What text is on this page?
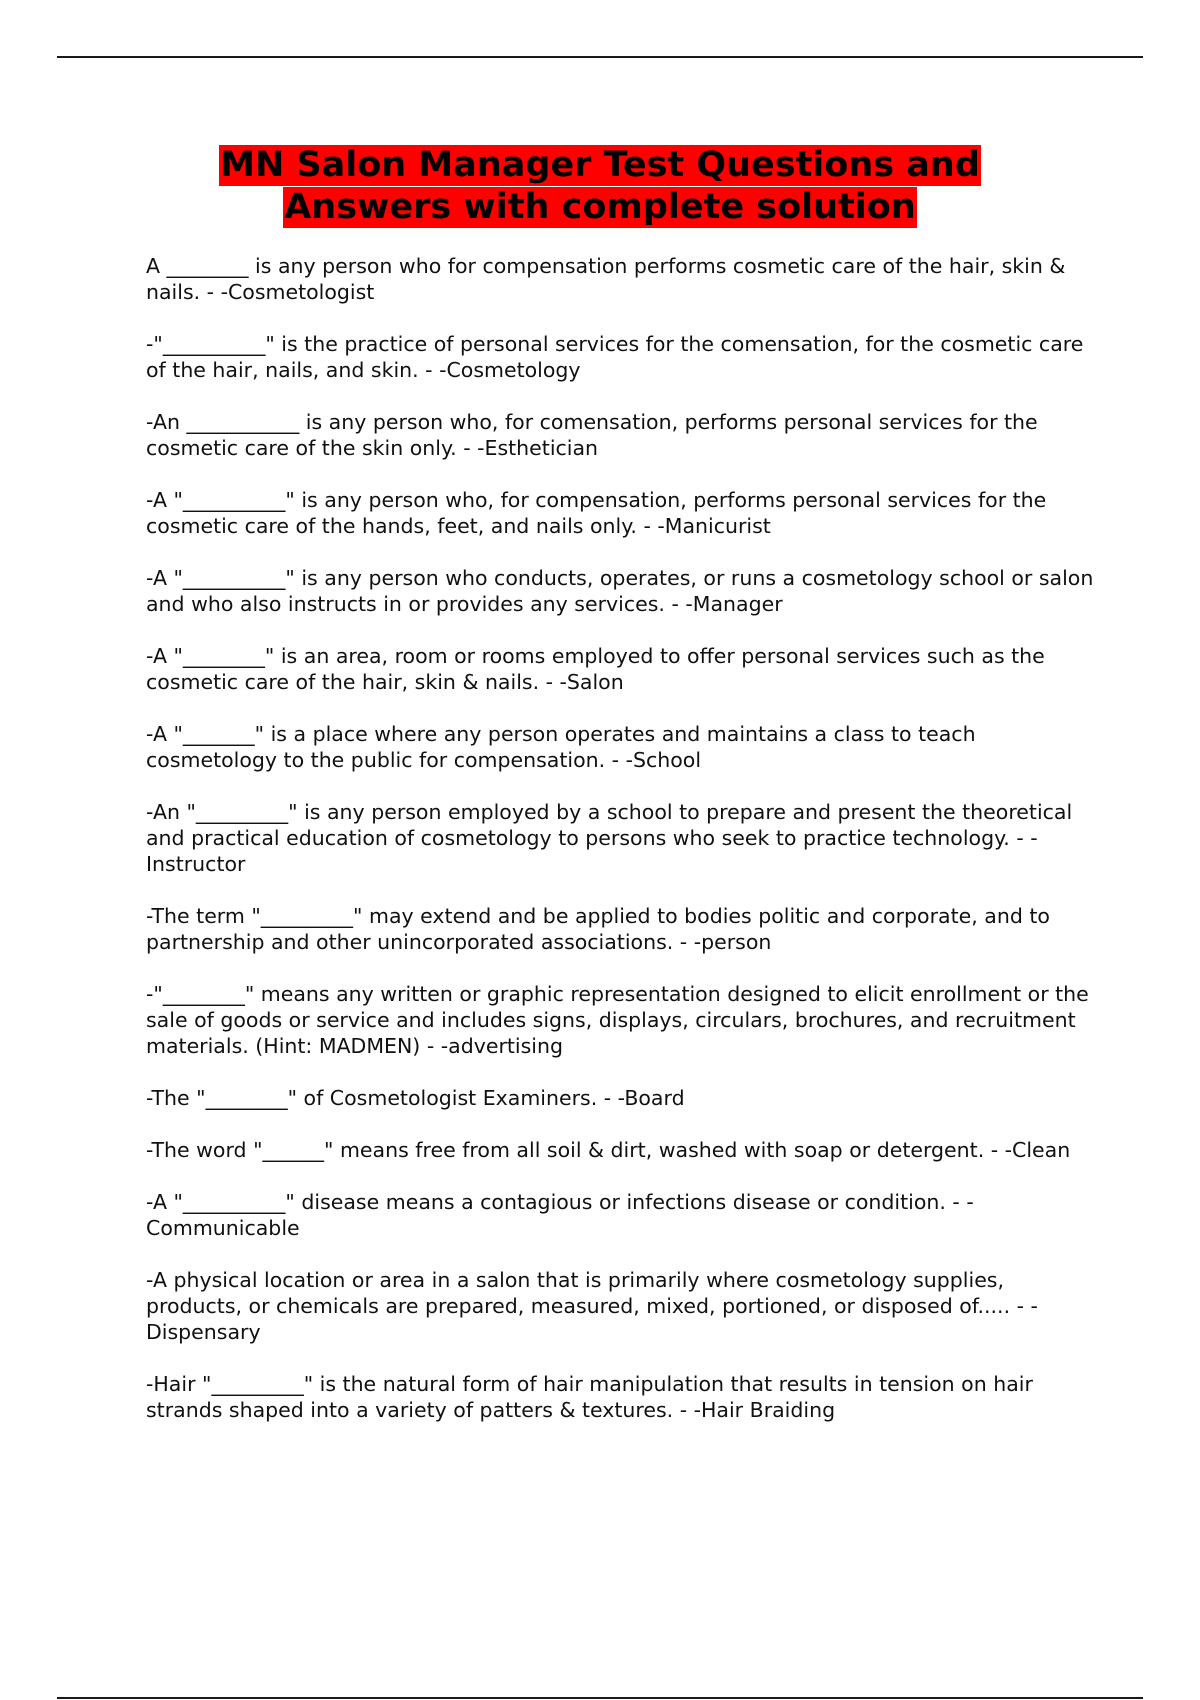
MN Salon Manager Test Questions and
Answers with complete solution

A ________ is any person who for compensation performs cosmetic care of the hair, skin & nails. - -Cosmetologist

-"__________" is the practice of personal services for the comensation, for the cosmetic care of the hair, nails, and skin. - -Cosmetology

-An ___________ is any person who, for comensation, performs personal services for the cosmetic care of the skin only. - -Esthetician

-A "__________" is any person who, for compensation, performs personal services for the cosmetic care of the hands, feet, and nails only. - -Manicurist

-A "__________" is any person who conducts, operates, or runs a cosmetology school or salon and who also instructs in or provides any services. - -Manager

-A "________" is an area, room or rooms employed to offer personal services such as the cosmetic care of the hair, skin & nails. - -Salon

-A "_______" is a place where any person operates and maintains a class to teach cosmetology to the public for compensation. - -School

-An "_________" is any person employed by a school to prepare and present the theoretical and practical education of cosmetology to persons who seek to practice technology. - -Instructor

-The term "_________" may extend and be applied to bodies politic and corporate, and to partnership and other unincorporated associations. - -person

-"________" means any written or graphic representation designed to elicit enrollment or the sale of goods or service and includes signs, displays, circulars, brochures, and recruitment materials. (Hint: MADMEN) - -advertising

-The "________" of Cosmetologist Examiners. - -Board

-The word "______" means free from all soil & dirt, washed with soap or detergent. - -Clean

-A "__________" disease means a contagious or infections disease or condition. - -Communicable

-A physical location or area in a salon that is primarily where cosmetology supplies, products, or chemicals are prepared, measured, mixed, portioned, or disposed of..... - -Dispensary

-Hair "_________" is the natural form of hair manipulation that results in tension on hair strands shaped into a variety of patters & textures. - -Hair Braiding
